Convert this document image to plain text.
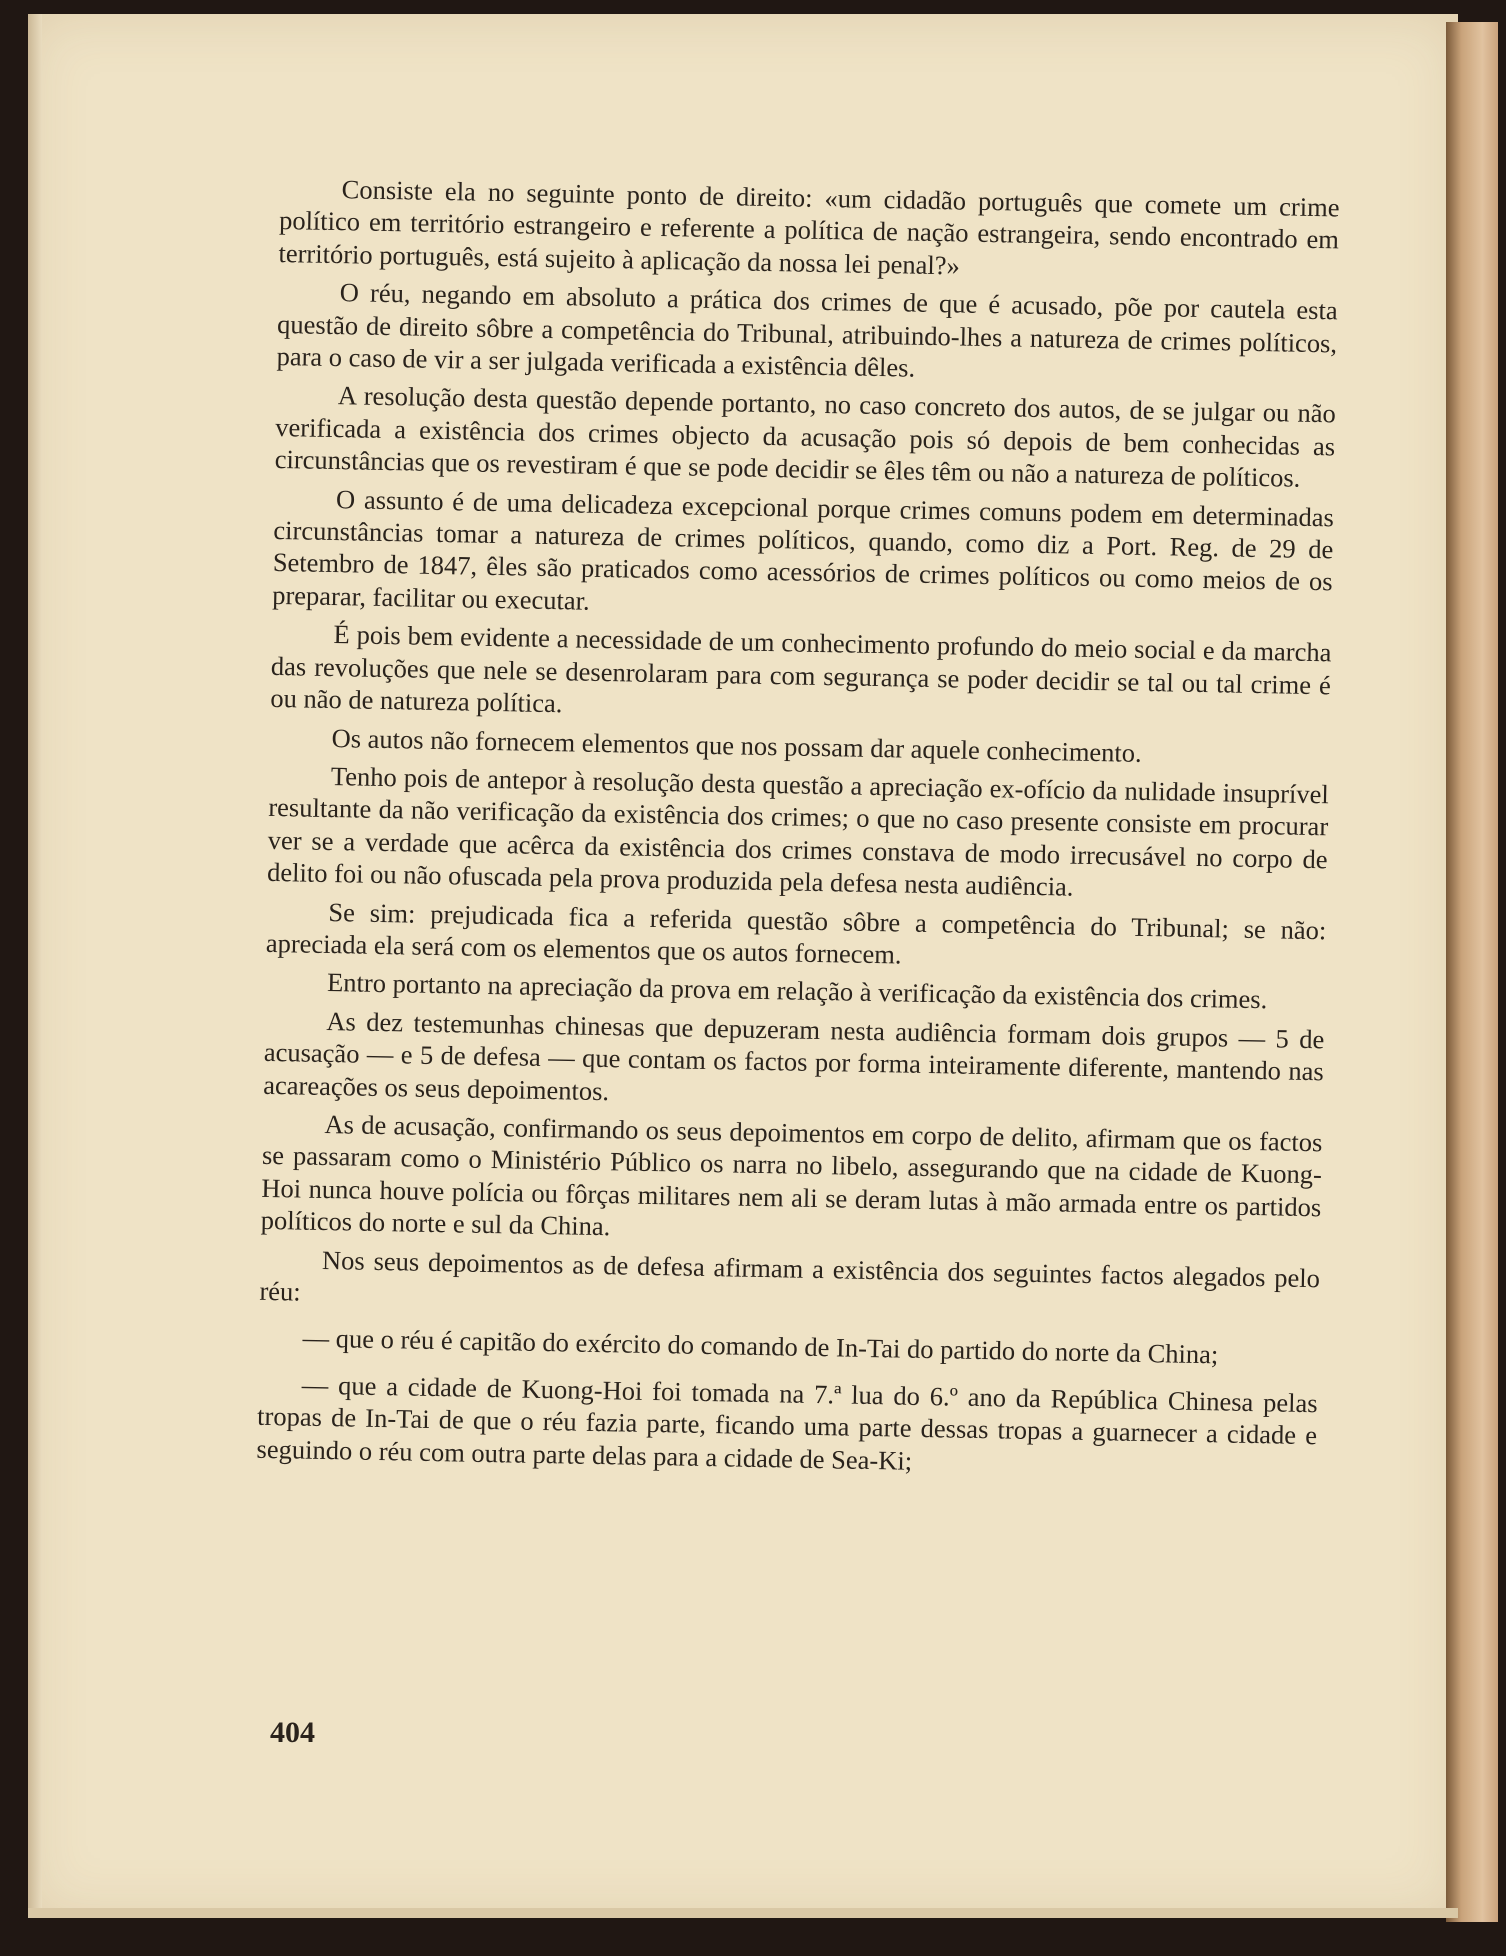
Consiste ela no seguinte ponto de direito: «um cidadão português que comete um crime político em território estrangeiro e referente a política de nação estrangeira, sendo encontrado em território português, está sujeito à aplicação da nossa lei penal?»

O réu, negando em absoluto a prática dos crimes de que é acusado, põe por cautela esta questão de direito sôbre a competência do Tribunal, atribuindo-lhes a natureza de crimes políticos, para o caso de vir a ser julgada verificada a existência dêles.

A resolução desta questão depende portanto, no caso concreto dos autos, de se julgar ou não verificada a existência dos crimes objecto da acusação pois só depois de bem conhecidas as circunstâncias que os revestiram é que se pode decidir se êles têm ou não a natureza de políticos.

O assunto é de uma delicadeza excepcional porque crimes comuns podem em determinadas circunstâncias tomar a natureza de crimes políticos, quando, como diz a Port. Reg. de 29 de Setembro de 1847, êles são praticados como acessórios de crimes políticos ou como meios de os preparar, facilitar ou executar.

É pois bem evidente a necessidade de um conhecimento profundo do meio social e da marcha das revoluções que nele se desenrolaram para com segurança se poder decidir se tal ou tal crime é ou não de natureza política.

Os autos não fornecem elementos que nos possam dar aquele conhecimento.

Tenho pois de antepor à resolução desta questão a apreciação ex-ofício da nulidade insuprível resultante da não verificação da existência dos crimes; o que no caso presente consiste em procurar ver se a verdade que acêrca da existência dos crimes constava de modo irrecusável no corpo de delito foi ou não ofuscada pela prova produzida pela defesa nesta audiência.

Se sim: prejudicada fica a referida questão sôbre a competência do Tribunal; se não: apreciada ela será com os elementos que os autos fornecem.

Entro portanto na apreciação da prova em relação à verificação da existência dos crimes.

As dez testemunhas chinesas que depuzeram nesta audiência formam dois grupos — 5 de acusação — e 5 de defesa — que contam os factos por forma inteiramente diferente, mantendo nas acareações os seus depoimentos.

As de acusação, confirmando os seus depoimentos em corpo de delito, afirmam que os factos se passaram como o Ministério Público os narra no libelo, assegurando que na cidade de Kuong-Hoi nunca houve polícia ou fôrças militares nem ali se deram lutas à mão armada entre os partidos políticos do norte e sul da China.

Nos seus depoimentos as de defesa afirmam a existência dos seguintes factos alegados pelo réu:

— que o réu é capitão do exército do comando de In-Tai do partido do norte da China;

— que a cidade de Kuong-Hoi foi tomada na 7.ª lua do 6.º ano da República Chinesa pelas tropas de In-Tai de que o réu fazia parte, ficando uma parte dessas tropas a guarnecer a cidade e seguindo o réu com outra parte delas para a cidade de Sea-Ki;

404
